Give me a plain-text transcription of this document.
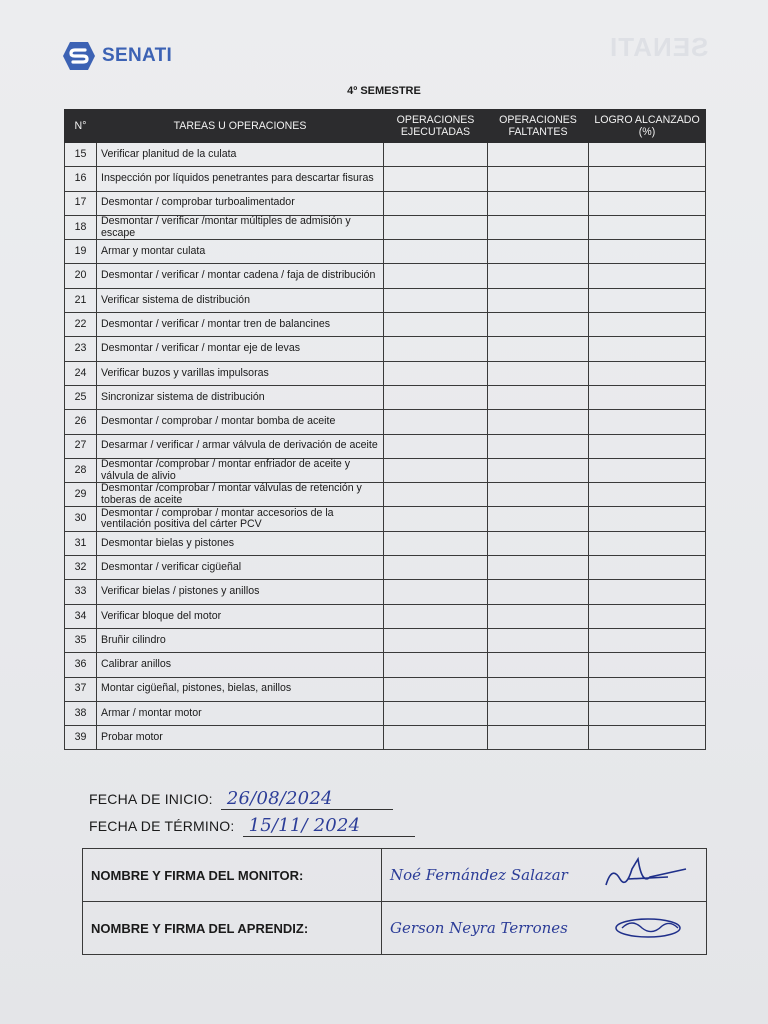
SENATI
SENATI
4º SEMESTRE
N°	TAREAS U OPERACIONES	OPERACIONES EJECUTADAS	OPERACIONES FALTANTES	LOGRO ALCANZADO (%)
15	Verificar planitud de la culata			
16	Inspección por líquidos penetrantes para descartar fisuras			
17	Desmontar / comprobar turboalimentador			
18	Desmontar / verificar /montar múltiples de admisión y escape			
19	Armar y montar culata			
20	Desmontar / verificar / montar cadena / faja de distribución			
21	Verificar sistema de distribución			
22	Desmontar / verificar / montar tren de balancines			
23	Desmontar / verificar / montar eje de levas			
24	Verificar buzos y varillas impulsoras			
25	Sincronizar sistema de distribución			
26	Desmontar / comprobar / montar bomba de aceite			
27	Desarmar / verificar / armar válvula de derivación de aceite			
28	Desmontar /comprobar / montar enfriador de aceite y válvula de alivio			
29	Desmontar /comprobar / montar válvulas de retención y toberas de aceite			
30	Desmontar / comprobar / montar accesorios de la ventilación positiva del cárter PCV			
31	Desmontar bielas y pistones			
32	Desmontar / verificar cigüeñal			
33	Verificar bielas / pistones y anillos			
34	Verificar bloque del motor			
35	Bruñir cilindro			
36	Calibrar anillos			
37	Montar cigüeñal, pistones, bielas, anillos			
38	Armar / montar motor			
39	Probar motor			
FECHA DE INICIO: 26/08/2024
FECHA DE TÉRMINO: 15/11/ 2024
NOMBRE Y FIRMA DEL MONITOR:	Noé Fernández Salazar

NOMBRE Y FIRMA DEL APRENDIZ:	Gerson Neyra Terrones
